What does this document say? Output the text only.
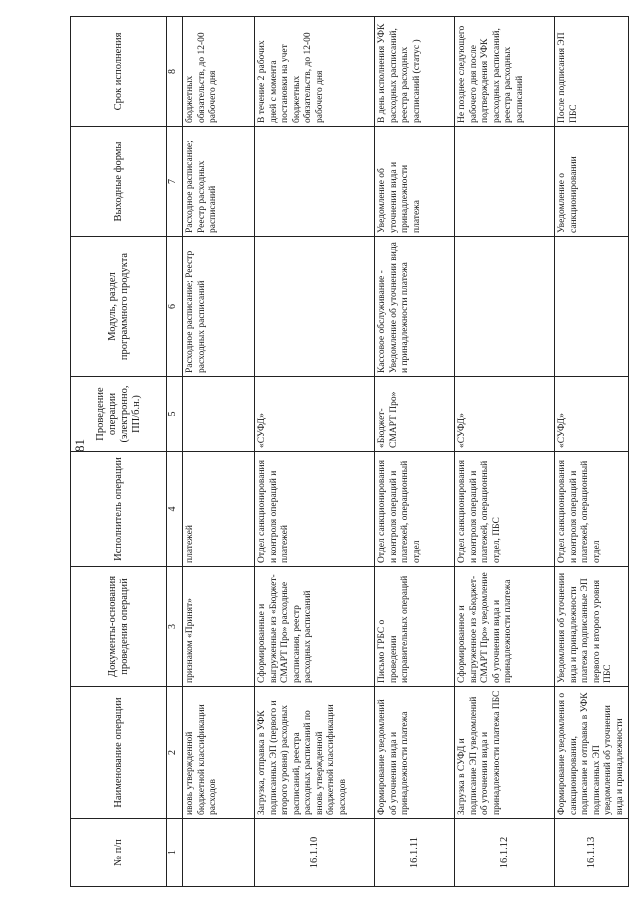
81
№ п/п	Наименование операции	Документы-основания проведения операций	Исполнитель операции	Проведение операции (электронно, ПП/б.н.)	Модуль, раздел программного продукта	Выходные формы	Срок исполнения
1	2	3	4	5	6	7	8
	ивовь утвержденной бюджетной классификации расходов	признаком «Принят»	платежей		Расходное расписание; Реестр расходных расписаний	Расходное расписание; Реестр расходных расписаний	бюджетных обязательств, до 12-00 рабочего дня
16.1.10	Загрузка, отправка в УФК подписанных ЭП (первого и второго уровня) расходных расписаний, реестра расходных расписаний по вновь утвержденной бюджетной классификации расходов	Сформированные и выгруженные из «Бюджет-СМАРТ Про» расходные расписания, реестр расходных расписаний	Отдел санкционирования и контроля операций и платежей	«СУФД»			В течение 2 рабочих дней с момента постановки на учет бюджетных обязательств, до 12-00 рабочего дня
16.1.11	Формирование уведомлений об уточнении вида и принадлежности платежа	Письмо ГРБС о проведении исправительных операций	Отдел санкционирования и контроля операций и платежей, операционный отдел	«Бюджет-СМАРТ Про»	Кассовое обслуживание - Уведомление об уточнении вида и принадлежности платежа	Уведомление об уточнении вида и принадлежности платежа	В день исполнения УФК расходных расписаний, реестра расходных расписаний (статус )
16.1.12	Загрузка в СУФД и подписание ЭП уведомлений об уточнении вида и принадлежности платежа ПБС	Сформированное и выгруженное из «Бюджет-СМАРТ Про» уведомление об уточнении вида и принадлежности платежа	Отдел санкционирования и контроля операций и платежей, операционный отдел, ПБС	«СУФД»			Не позднее следующего рабочего дня после подтверждения УФК расходных расписаний, реестра расходных расписаний
16.1.13	Формирование уведомления о санкционировании, подписание и отправка в УФК подписанных ЭП уведомлений об уточнении вида и принадлежности	Уведомления об уточнении вида и принадлежности платежа подписанные ЭП первого и второго уровня ПБС	Отдел санкционирования и контроля операций и платежей, операционный отдел	«СУФД»		Уведомление о санкционировании	После подписания ЭП ПБС
